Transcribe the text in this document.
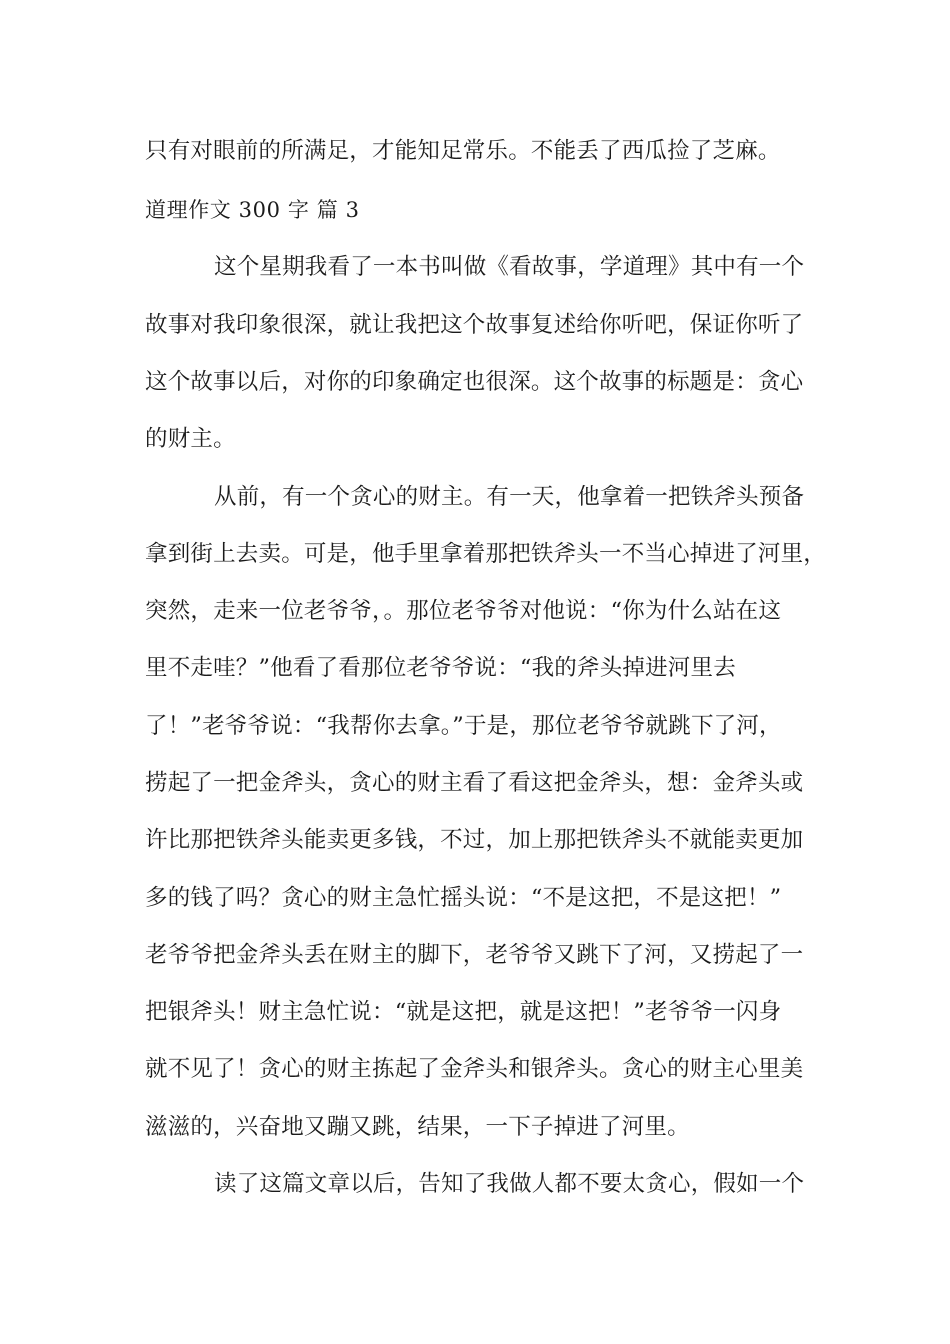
只有对眼前的所满足，才能知足常乐。不能丢了西瓜捡了芝麻。
道理作文 300 字 篇 3
这个星期我看了一本书叫做《看故事，学道理》其中有一个
故事对我印象很深，就让我把这个故事复述给你听吧，保证你听了
这个故事以后，对你的印象确定也很深。这个故事的标题是：贪心
的财主。
从前，有一个贪心的财主。有一天，他拿着一把铁斧头预备
拿到街上去卖。可是，他手里拿着那把铁斧头一不当心掉进了河里，
突然，走来一位老爷爷，。那位老爷爷对他说：“你为什么站在这
里不走哇？”他看了看那位老爷爷说：“我的斧头掉进河里去
了！”老爷爷说：“我帮你去拿。”于是，那位老爷爷就跳下了河，
捞起了一把金斧头，贪心的财主看了看这把金斧头，想：金斧头或
许比那把铁斧头能卖更多钱，不过，加上那把铁斧头不就能卖更加
多的钱了吗？贪心的财主急忙摇头说：“不是这把，不是这把！”
老爷爷把金斧头丢在财主的脚下，老爷爷又跳下了河，又捞起了一
把银斧头！财主急忙说：“就是这把，就是这把！”老爷爷一闪身
就不见了！贪心的财主拣起了金斧头和银斧头。贪心的财主心里美
滋滋的，兴奋地又蹦又跳，结果，一下子掉进了河里。
读了这篇文章以后，告知了我做人都不要太贪心，假如一个
